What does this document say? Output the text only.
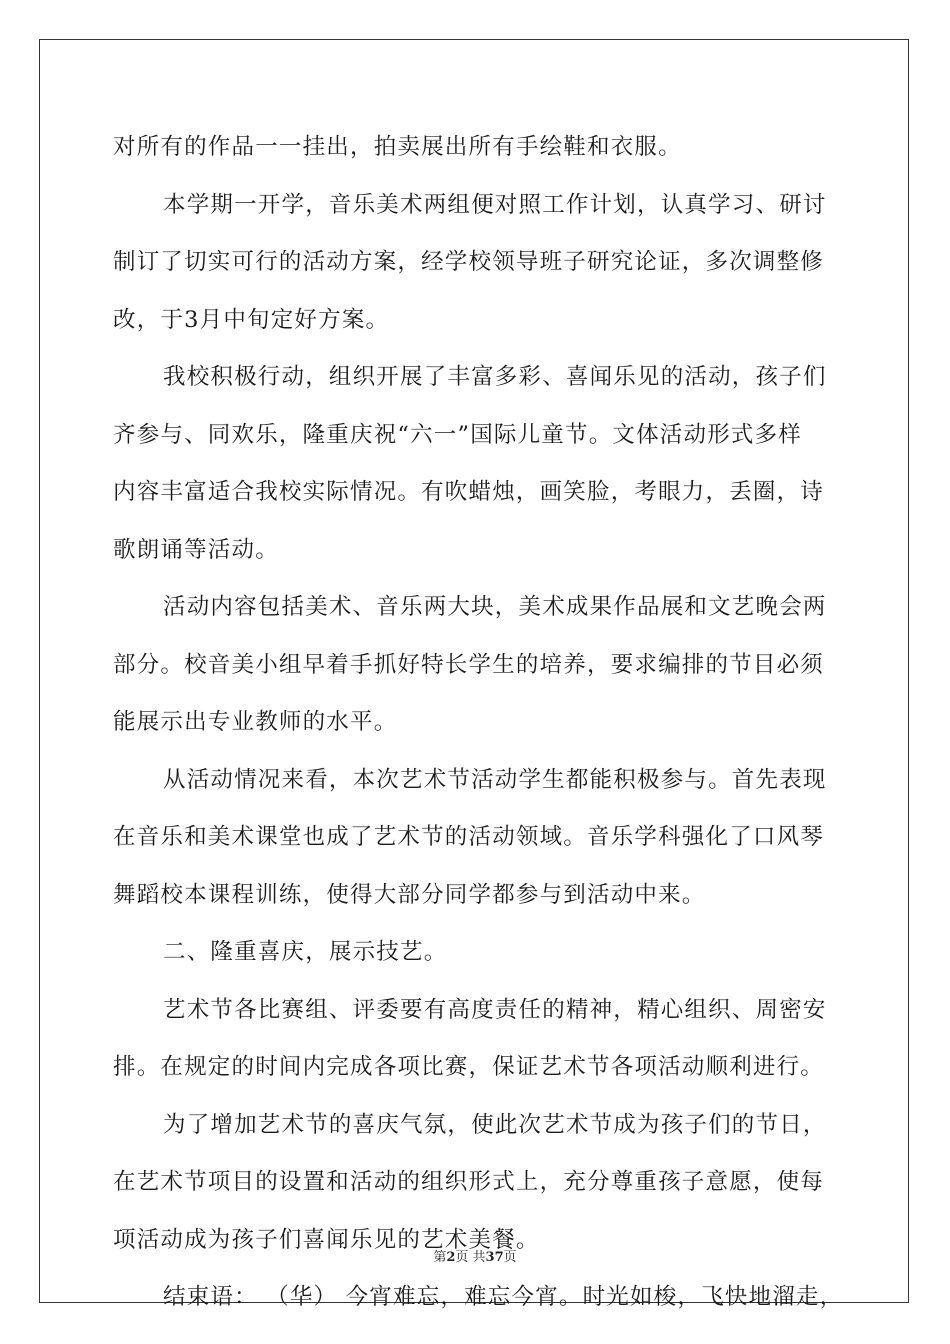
对所有的作品一一挂出，拍卖展出所有手绘鞋和衣服。
本学期一开学，音乐美术两组便对照工作计划，认真学习、研讨
制订了切实可行的活动方案，经学校领导班子研究论证，多次调整修
改，于3月中旬定好方案。
我校积极行动，组织开展了丰富多彩、喜闻乐见的活动，孩子们
齐参与、同欢乐，隆重庆祝“六一”国际儿童节。文体活动形式多样
内容丰富适合我校实际情况。有吹蜡烛，画笑脸，考眼力，丢圈，诗
歌朗诵等活动。
活动内容包括美术、音乐两大块，美术成果作品展和文艺晚会两
部分。校音美小组早着手抓好特长学生的培养，要求编排的节目必须
能展示出专业教师的水平。
从活动情况来看，本次艺术节活动学生都能积极参与。首先表现
在音乐和美术课堂也成了艺术节的活动领域。音乐学科强化了口风琴
舞蹈校本课程训练，使得大部分同学都参与到活动中来。
二、隆重喜庆，展示技艺。
艺术节各比赛组、评委要有高度责任的精神，精心组织、周密安
排。在规定的时间内完成各项比赛，保证艺术节各项活动顺利进行。
为了增加艺术节的喜庆气氛，使此次艺术节成为孩子们的节日，
在艺术节项目的设置和活动的组织形式上，充分尊重孩子意愿，使每
项活动成为孩子们喜闻乐见的艺术美餐。
结束语： （华） 今宵难忘，难忘今宵。时光如梭，飞快地溜走，
第2页 共37页
